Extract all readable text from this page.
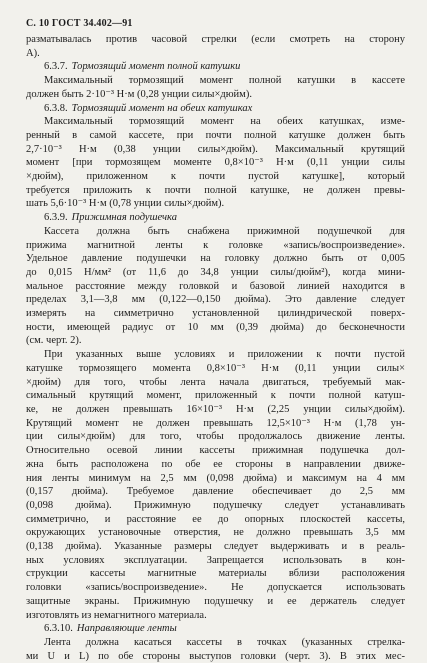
С. 10 ГОСТ 34.402—91
разматывалась против часовой стрелки (если смотреть на сторону
А).
6.3.7. Тормозящий момент полной катушки
Максимальный тормозящий момент полной катушки в кассете
должен быть 2·10⁻³ Н·м (0,28 унции силы×дюйм).
6.3.8. Тормозящий момент на обеих катушках
Максимальный тормозящий момент на обеих катушках, изме-
ренный в самой кассете, при почти полной катушке должен быть
2,7·10⁻³ Н·м (0,38 унции силы×дюйм). Максимальный крутящий
момент [при тормозящем моменте 0,8×10⁻³ Н·м (0,11 унции силы
×дюйм), приложенном к почти пустой катушке], который
требуется приложить к почти полной катушке, не должен превы-
шать 5,6·10⁻³ Н·м (0,78 унции силы×дюйм).
6.3.9. Прижимная подушечка
Кассета должна быть снабжена прижимной подушечкой для
прижима магнитной ленты к головке «запись/воспроизведение».
Удельное давление подушечки на головку должно быть от 0,005
до 0,015 Н/мм² (от 11,6 до 34,8 унции силы/дюйм²), когда мини-
мальное расстояние между головкой и базовой линией находится в
пределах 3,1—3,8 мм (0,122—0,150 дюйма). Это давление следует
измерять на симметрично установленной цилиндрической поверх-
ности, имеющей радиус от 10 мм (0,39 дюйма) до бесконечности
(см. черт. 2).
При указанных выше условиях и приложении к почти пустой
катушке тормозящего момента 0,8×10⁻³ Н·м (0,11 унции силы×
×дюйм) для того, чтобы лента начала двигаться, требуемый мак-
симальный крутящий момент, приложенный к почти полной катуш-
ке, не должен превышать 16×10⁻³ Н·м (2,25 унции силы×дюйм).
Крутящий момент не должен превышать 12,5×10⁻³ Н·м (1,78 ун-
ции силы×дюйм) для того, чтобы продолжалось движение ленты.
Относительно осевой линии кассеты прижимная подушечка дол-
жна быть расположена по обе ее стороны в направлении движе-
ния ленты минимум на 2,5 мм (0,098 дюйма) и максимум на 4 мм
(0,157 дюйма). Требуемое давление обеспечивает до 2,5 мм
(0,098 дюйма). Прижимную подушечку следует устанавливать
симметрично, и расстояние ее до опорных плоскостей кассеты,
окружающих установочные отверстия, не должно превышать 3,5 мм
(0,138 дюйма). Указанные размеры следует выдерживать и в реаль-
ных условиях эксплуатации. Запрещается использовать в кон-
струкции кассеты магнитные материалы вблизи расположения
головки «запись/воспроизведение». Не допускается использовать
защитные экраны. Прижимную подушечку и ее держатель следует
изготовлять из немагнитного материала.
6.3.10. Направляющие ленты
Лента должна касаться кассеты в точках (указанных стрелка-
ми U и L) по обе стороны выступов головки (черт. 3). В этих мес-
